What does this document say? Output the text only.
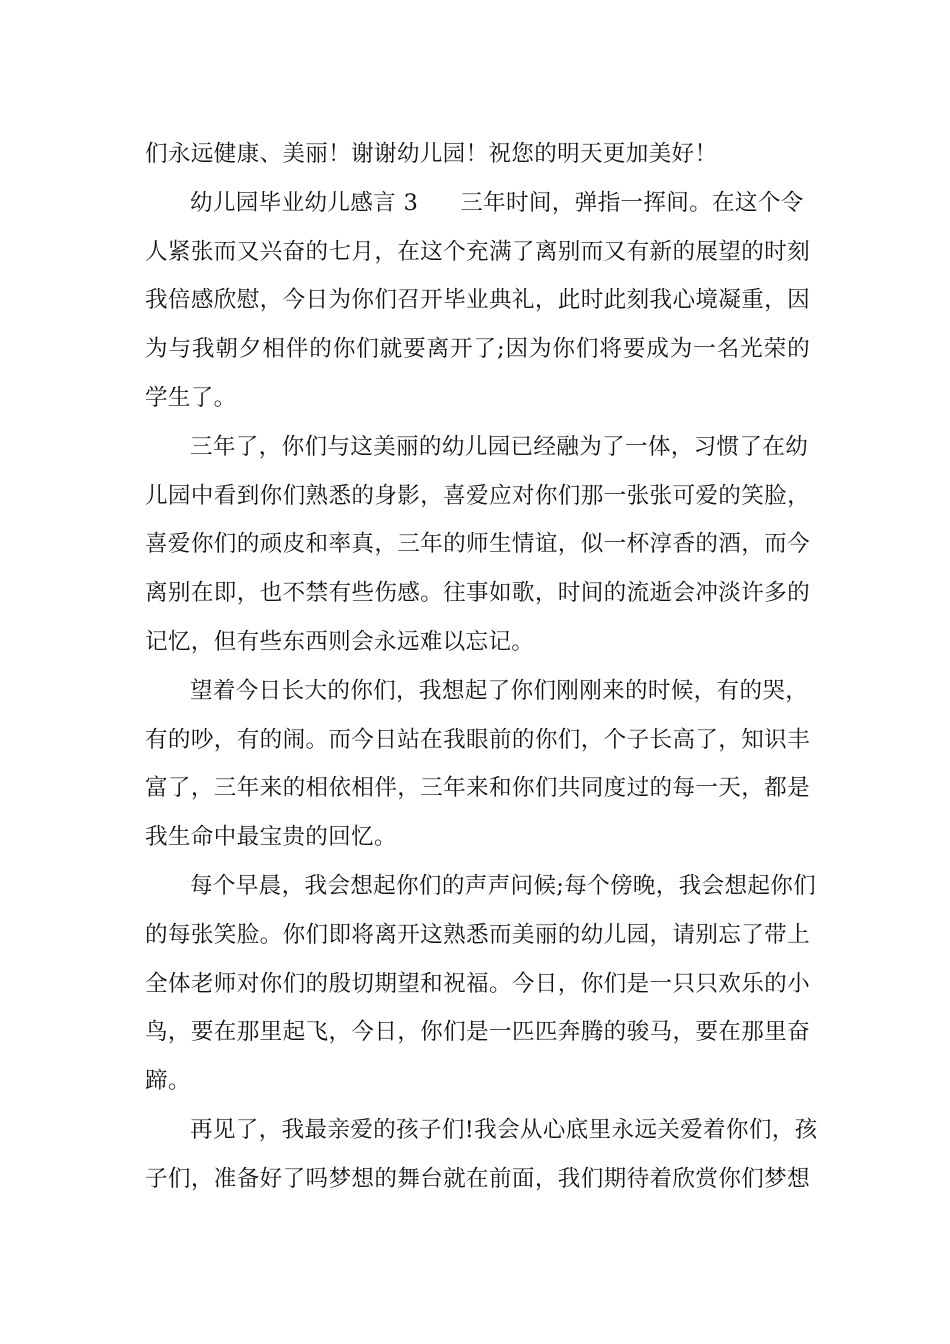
们永远健康、美丽！谢谢幼儿园！祝您的明天更加美好！
幼儿园毕业幼儿感言 3 三年时间，弹指一挥间。在这个令
人紧张而又兴奋的七月，在这个充满了离别而又有新的展望的时刻
我倍感欣慰，今日为你们召开毕业典礼，此时此刻我心境凝重，因
为与我朝夕相伴的你们就要离开了;因为你们将要成为一名光荣的
学生了。
三年了，你们与这美丽的幼儿园已经融为了一体，习惯了在幼
儿园中看到你们熟悉的身影，喜爱应对你们那一张张可爱的笑脸，
喜爱你们的顽皮和率真，三年的师生情谊，似一杯淳香的酒，而今
离别在即，也不禁有些伤感。往事如歌，时间的流逝会冲淡许多的
记忆，但有些东西则会永远难以忘记。
望着今日长大的你们，我想起了你们刚刚来的时候，有的哭，
有的吵，有的闹。而今日站在我眼前的你们，个子长高了，知识丰
富了，三年来的相依相伴，三年来和你们共同度过的每一天，都是
我生命中最宝贵的回忆。
每个早晨，我会想起你们的声声问候;每个傍晚，我会想起你们
的每张笑脸。你们即将离开这熟悉而美丽的幼儿园，请别忘了带上
全体老师对你们的殷切期望和祝福。今日，你们是一只只欢乐的小
鸟，要在那里起飞，今日，你们是一匹匹奔腾的骏马，要在那里奋
蹄。
再见了，我最亲爱的孩子们!我会从心底里永远关爱着你们，孩
子们，准备好了吗梦想的舞台就在前面，我们期待着欣赏你们梦想
